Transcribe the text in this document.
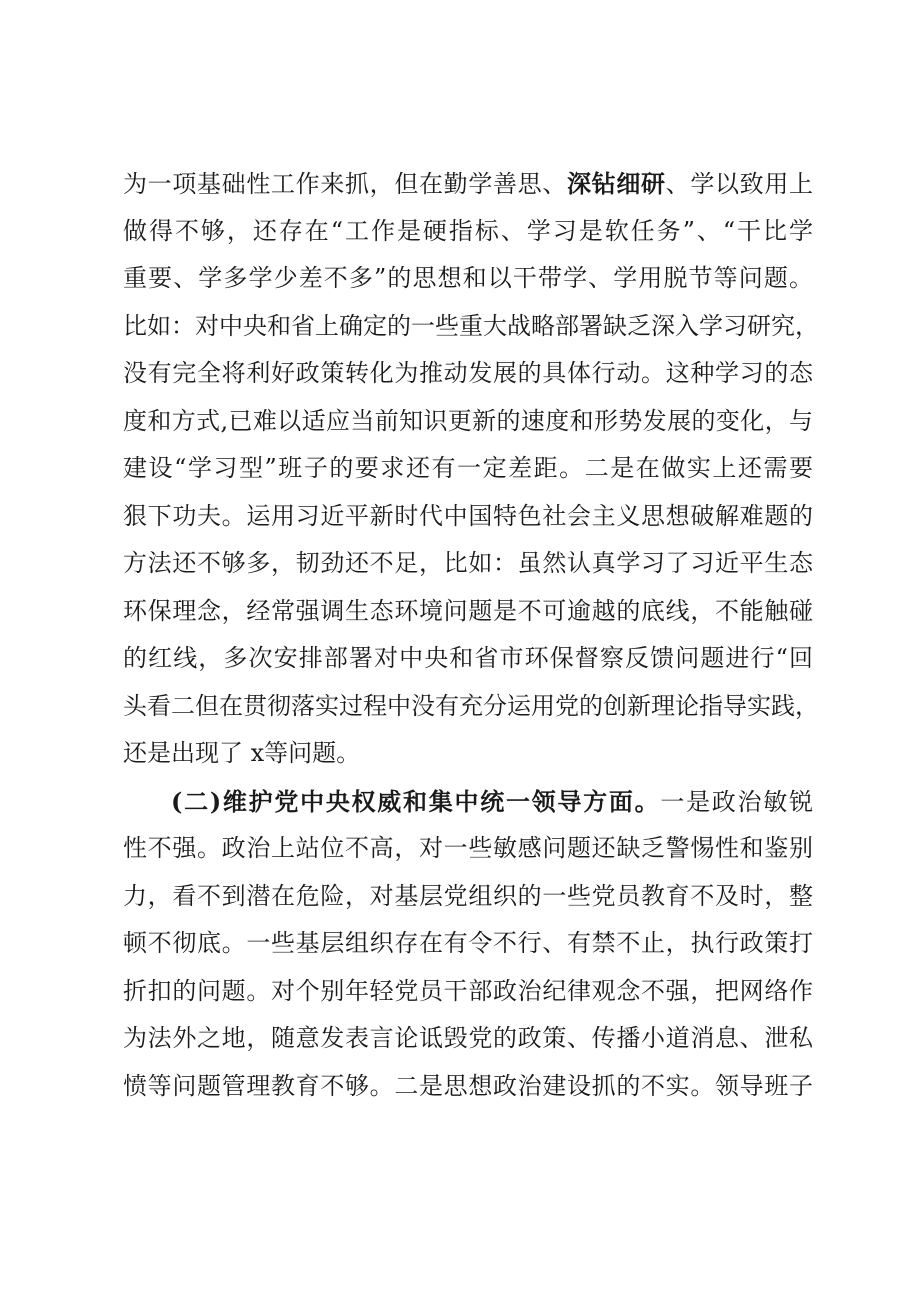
为一项基础性工作来抓，但在勤学善思、深钻细研、学以致用上
做得不够，还存在“工作是硬指标、学习是软任务”、“干比学
重要、学多学少差不多”的思想和以干带学、学用脱节等问题。
比如：对中央和省上确定的一些重大战略部署缺乏深入学习研究，
没有完全将利好政策转化为推动发展的具体行动。这种学习的态
度和方式,已难以适应当前知识更新的速度和形势发展的变化，与
建设“学习型”班子的要求还有一定差距。二是在做实上还需要
狠下功夫。运用习近平新时代中国特色社会主义思想破解难题的
方法还不够多，韧劲还不足，比如：虽然认真学习了习近平生态
环保理念，经常强调生态环境问题是不可逾越的底线，不能触碰
的红线，多次安排部署对中央和省市环保督察反馈问题进行“回
头看二但在贯彻落实过程中没有充分运用党的创新理论指导实践，
还是出现了 x等问题。
(二)维护党中央权威和集中统一领导方面。一是政治敏锐
性不强。政治上站位不高，对一些敏感问题还缺乏警惕性和鉴别
力，看不到潜在危险，对基层党组织的一些党员教育不及时，整
顿不彻底。一些基层组织存在有令不行、有禁不止，执行政策打
折扣的问题。对个别年轻党员干部政治纪律观念不强，把网络作
为法外之地，随意发表言论诋毁党的政策、传播小道消息、泄私
愤等问题管理教育不够。二是思想政治建设抓的不实。领导班子
